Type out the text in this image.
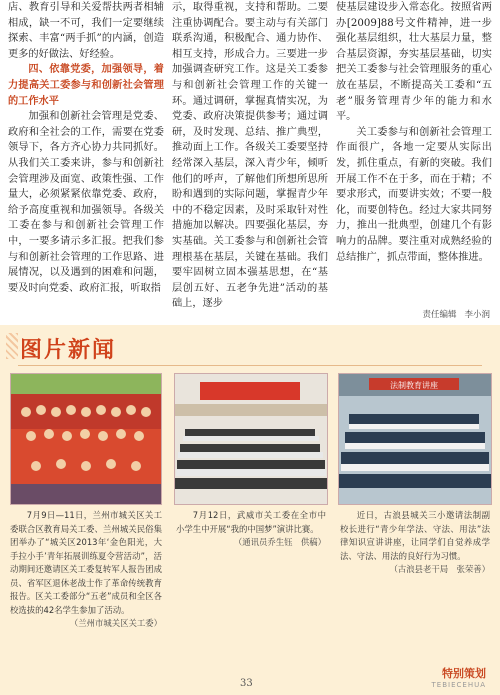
店、教育引导和关爱帮扶两者相辅相成，缺一不可，我们一定要继续探索、丰富“两手抓”的内涵，创造更多的好做法、好经验。

四、依靠党委，加强领导，着力提高关工委参与和创新社会管理的工作水平

加强和创新社会管理是党委、政府和全社会的工作，需要在党委领导下，各方齐心协力共同抓好。从我们关工委来讲，参与和创新社会管理涉及面宽、政策性强、工作量大，必须紧紧依靠党委、政府，给予高度重视和加强领导。各级关工委在参与和创新社会管理工作中，一要多请示多汇报。把我们参与和创新社会管理的工作思路、进展情况，以及遇到的困难和问题，要及时向党委、政府汇报，听取指

示，取得重视，支持和帮助。二要注重协调配合。要主动与有关部门联系沟通，积极配合、通力协作、相互支持，形成合力。三要进一步加强调查研究工作。这是关工委参与和创新社会管理工作的关键一环。通过调研，掌握真情实况，为党委、政府决策提供参考；通过调研，及时发现、总结、推广典型，推动面上工作。各级关工委要坚持经常深入基层，深入青少年，倾听他们的呼声，了解他们所想所思所盼和遇到的实际问题，掌握青少年中的不稳定因素，及时采取针对性措施加以解决。四要强化基层，夯实基础。关工委参与和创新社会管理根基在基层，关键在基础。我们要牢固树立固本强基思想，在“基层创五好、五老争先进”活动的基础上，逐步

使基层建设步入常态化。按照省两办[2009]88号文件精神，进一步强化基层组织，壮大基层力量，整合基层资源，夯实基层基础，切实把关工委参与社会管理服务的重心放在基层，不断提高关工委和“五老”服务管理青少年的能力和水平。

关工委参与和创新社会管理工作面很广，各地一定要从实际出发，抓住重点，有新的突破。我们开展工作不在于多，而在于精；不要求形式，而要讲实效；不要一般化，而要创特色。经过大家共同努力，推出一批典型，创建几个有影响力的品牌。要注重对成熟经验的总结推广，抓点带面，整体推进。

责任编辑 李小润
图片新闻
法制教育讲座

7月9日—11日，兰州市城关区关工委联合区教育局关工委、兰州城关民俗集团举办了“城关区2013年‘金色阳光，大手拉小手’青年拓展训练夏令营活动”，活动期间还邀请区关工委复转军人报告团成员、省军区退休老战士作了革命传统教育报告。区关工委部分“五老”成员和全区各校选拔的42名学生参加了活动。

（兰州市城关区关工委）

7月12日，武威市关工委在全市中小学生中开展“我的中国梦”演讲比赛。

（通讯员乔生钰　供稿）

近日，古浪县城关三小邀请法制副校长进行“青少年学法、守法、用法”法律知识宣讲讲座，让同学们自觉养成学法、守法、用法的良好行为习惯。

（古浪县老干局　张荣善）
33
特别策划
TEBIECEHUA
